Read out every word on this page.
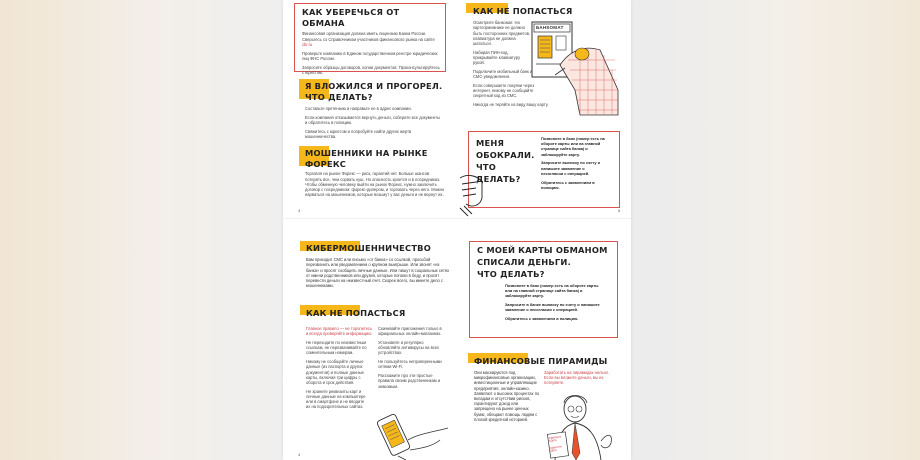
КАК УБЕРЕЧЬСЯ ОТ ОБМАНА

Финансовая организация должна иметь лицензию Банка России. Сверьтесь со Справочником участников финансового рынка на сайте cbr.ru

Проверьте компанию в Едином государственном реестре юридических лиц ФНС России.

Запросите образцы договоров, копии документов. Проконсультируйтесь с юристом.

Я ВЛОЖИЛСЯ И ПРОГОРЕЛ.
ЧТО ДЕЛАТЬ?

Составьте претензию и направьте ее в адрес компании.

Если компания отказывается вернуть деньги, соберите все документы и обратитесь в полицию.

Свяжитесь с юристом и попробуйте найти других жертв мошенничества.

МОШЕННИКИ НА РЫНКЕ
ФОРЕКС

Торговля на рынке Форекс — риск, гарантий нет. Больше шансов потерять все, чем сорвать куш. Но опасность кроется и в посредниках. Чтобы обменную человеку выйти на рынок Форекс, нужно заключить договор с посредником: форекс-дилером, и торговать через него. Можно нарваться на мошенников, которые возьмут у вас деньги и не вернут их.

4
КАК НЕ ПОПАСТЬСЯ

Осмотрите банкомат. На картоприемнике не должно быть посторонних предметов, клавиатура не должна шататься.

Набирая ПИН-код, прикрывайте клавиатуру рукой.

Подключите мобильный банк и СМС-уведомления.

Если совершаете покупки через интернет, никому не сообщайте секретный код из СМС.

Никогда не теряйте из виду вашу карту.

БАНКОМАТ
МЕНЯ
ОБОКРАЛИ.
ЧТО ДЕЛАТЬ?

Позвоните в банк (номер есть на обороте карты или на главной странице сайта банка) и заблокируйте карту.

Запросите выписку по счету и напишите заявление о несогласии с операцией.

Обратитесь с заявлением в полицию.

5
КИБЕРМОШЕННИЧЕСТВО

Вам приходит СМС или письмо «от банка» со ссылкой, просьбой перезвонить или уведомлением о крупном выигрыше. Или звонят «из банка» и просят сообщить личные данные. Или пишут в социальных сетях от имени родственников или друзей, которые попали в беду, и просят перевести деньги на неизвестный счет. Скорее всего, вы имеете дело с мошенниками.

КАК НЕ ПОПАСТЬСЯ

Главное правило — не торопитесь и всегда проверяйте информацию.

Не переходите по неизвестным ссылкам, не перезванивайте по сомнительным номерам.

Никому не сообщайте личные данные (из паспорта и других документов) и полные данные карты, включая три цифры с оборота и срок действия.

Не храните реквизиты карт и личные данные на компьютере или в смартфоне и не вводите их на подозрительных сайтах.

Скачивайте приложения только в официальных онлайн-магазинах.

Установите и регулярно обновляйте антивирусы на всех устройствах.

Не пользуйтесь непроверенными сетями Wi-Fi.

Расскажите про эти простые правила своим родственникам и знакомым.

4
С МОЕЙ КАРТЫ ОБМАНОМ
СПИСАЛИ ДЕНЬГИ.
ЧТО ДЕЛАТЬ?

Позвоните в банк (номер есть на обороте карты или на главной странице сайта банка) и заблокируйте карту.

Запросите в банке выписку по счету и напишите заявление о несогласии с операцией.

Обратитесь с заявлением в полицию.

ФИНАНСОВЫЕ ПИРАМИДЫ

Они маскируются под микрофинансовые организации, инвестиционные и управляющие предприятия, онлайн-казино. Заявляют о высоких процентах по вкладам и отсутствии рисков, гарантируют доход или запрещено на рынке ценных бумаг, обещают помощь людям с плохой кредитной историей.

Заработать на пирамидах нельзя. Если вы вложите деньги, вы их потеряете.

Прибыль 500%
Гарантия 200%
